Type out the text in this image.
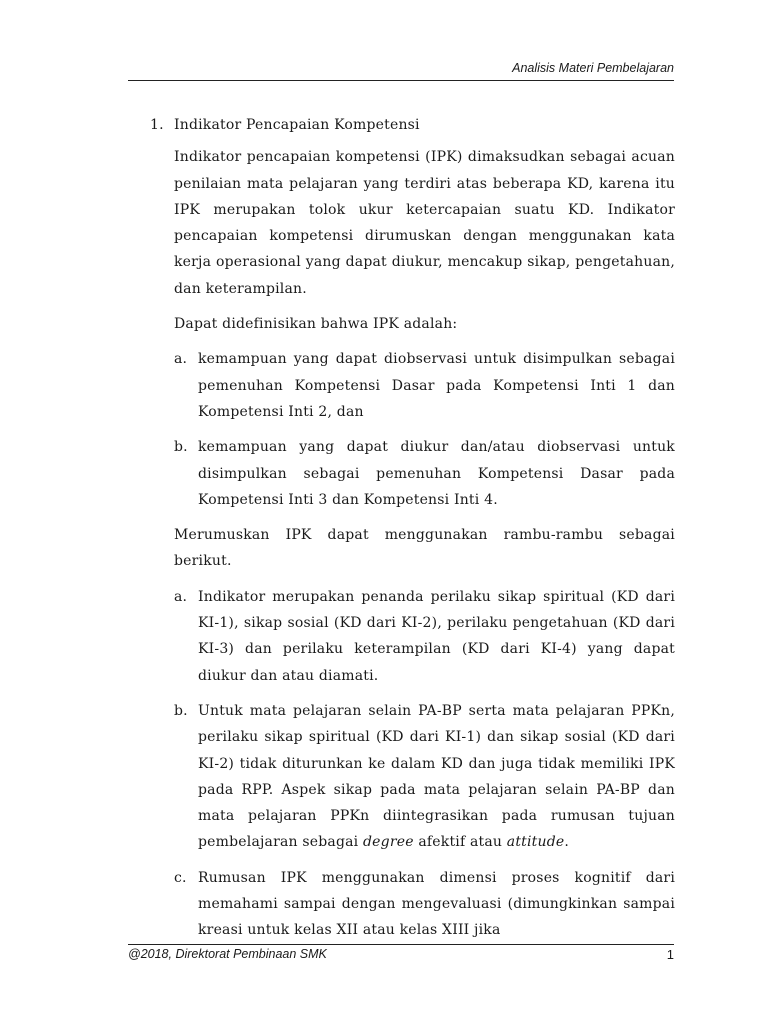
Analisis Materi Pembelajaran
1. Indikator Pencapaian Kompetensi

Indikator pencapaian kompetensi (IPK) dimaksudkan sebagai acuan penilaian mata pelajaran yang terdiri atas beberapa KD, karena itu IPK merupakan tolok ukur ketercapaian suatu KD. Indikator pencapaian kompetensi dirumuskan dengan menggunakan kata kerja operasional yang dapat diukur, mencakup sikap, pengetahuan, dan keterampilan.

Dapat didefinisikan bahwa IPK adalah:

a. kemampuan yang dapat diobservasi untuk disimpulkan sebagai pemenuhan Kompetensi Dasar pada Kompetensi Inti 1 dan Kompetensi Inti 2, dan
b. kemampuan yang dapat diukur dan/atau diobservasi untuk disimpulkan sebagai pemenuhan Kompetensi Dasar pada Kompetensi Inti 3 dan Kompetensi Inti 4.

Merumuskan IPK dapat menggunakan rambu-rambu sebagai berikut.

a. Indikator merupakan penanda perilaku sikap spiritual (KD dari KI-1), sikap sosial (KD dari KI-2), perilaku pengetahuan (KD dari KI-3) dan perilaku keterampilan (KD dari KI-4) yang dapat diukur dan atau diamati.
b. Untuk mata pelajaran selain PA-BP serta mata pelajaran PPKn, perilaku sikap spiritual (KD dari KI-1) dan sikap sosial (KD dari KI-2) tidak diturunkan ke dalam KD dan juga tidak memiliki IPK pada RPP. Aspek sikap pada mata pelajaran selain PA-BP dan mata pelajaran PPKn diintegrasikan pada rumusan tujuan pembelajaran sebagai degree afektif atau attitude.
c. Rumusan IPK menggunakan dimensi proses kognitif dari memahami sampai dengan mengevaluasi (dimungkinkan sampai kreasi untuk kelas XII atau kelas XIII jika
@2018, Direktorat Pembinaan SMK	1
